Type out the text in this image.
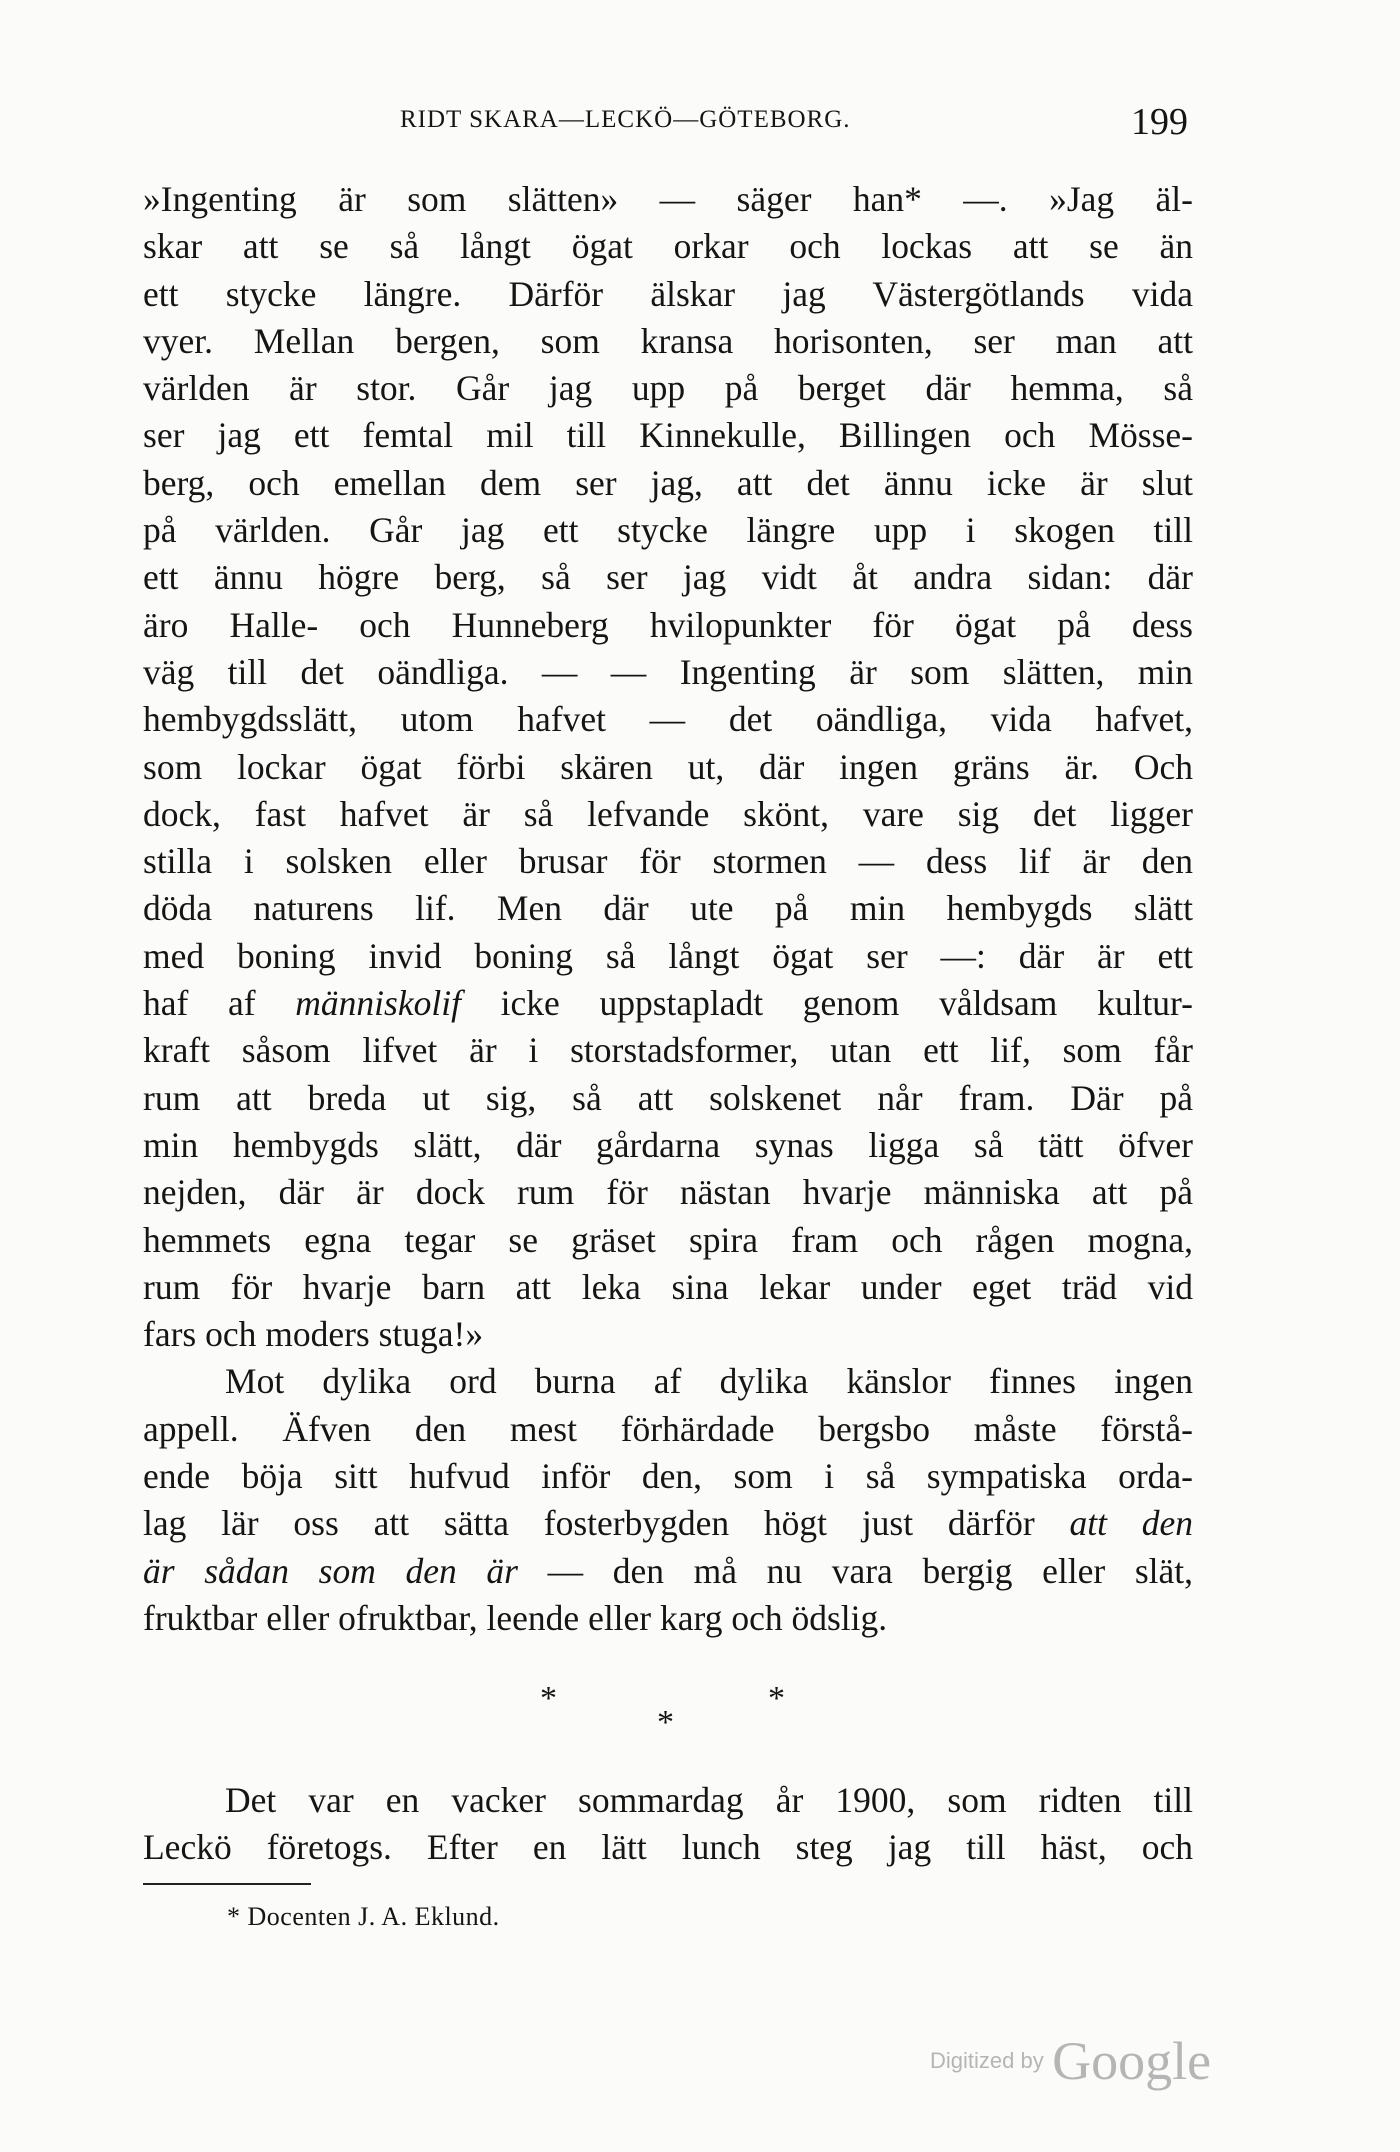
RIDT SKARA—LECKÖ—GÖTEBORG.	199
»Ingenting är som slätten» — säger han* —. »Jag äl-
skar att se så långt ögat orkar och lockas att se än
ett stycke längre. Därför älskar jag Västergötlands vida
vyer. Mellan bergen, som kransa horisonten, ser man att
världen är stor. Går jag upp på berget där hemma, så
ser jag ett femtal mil till Kinnekulle, Billingen och Mösse-
berg, och emellan dem ser jag, att det ännu icke är slut
på världen. Går jag ett stycke längre upp i skogen till
ett ännu högre berg, så ser jag vidt åt andra sidan: där
äro Halle- och Hunneberg hvilopunkter för ögat på dess
väg till det oändliga. — — Ingenting är som slätten, min
hembygdsslätt, utom hafvet — det oändliga, vida hafvet,
som lockar ögat förbi skären ut, där ingen gräns är. Och
dock, fast hafvet är så lefvande skönt, vare sig det ligger
stilla i solsken eller brusar för stormen — dess lif är den
döda naturens lif. Men där ute på min hembygds slätt
med boning invid boning så långt ögat ser —: där är ett
haf af människolif icke uppstapladt genom våldsam kultur-
kraft såsom lifvet är i storstadsformer, utan ett lif, som får
rum att breda ut sig, så att solskenet når fram. Där på
min hembygds slätt, där gårdarna synas ligga så tätt öfver
nejden, där är dock rum för nästan hvarje människa att på
hemmets egna tegar se gräset spira fram och rågen mogna,
rum för hvarje barn att leka sina lekar under eget träd vid
fars och moders stuga!»
Mot dylika ord burna af dylika känslor finnes ingen
appell. Äfven den mest förhärdade bergsbo måste förstå-
ende böja sitt hufvud inför den, som i så sympatiska orda-
lag lär oss att sätta fosterbygden högt just därför att den
är sådan som den är — den må nu vara bergig eller slät,
fruktbar eller ofruktbar, leende eller karg och ödslig.
*
*
*
Det var en vacker sommardag år 1900, som ridten till
Leckö företogs. Efter en lätt lunch steg jag till häst, och
* Docenten J. A. Eklund.
Digitized by Google
